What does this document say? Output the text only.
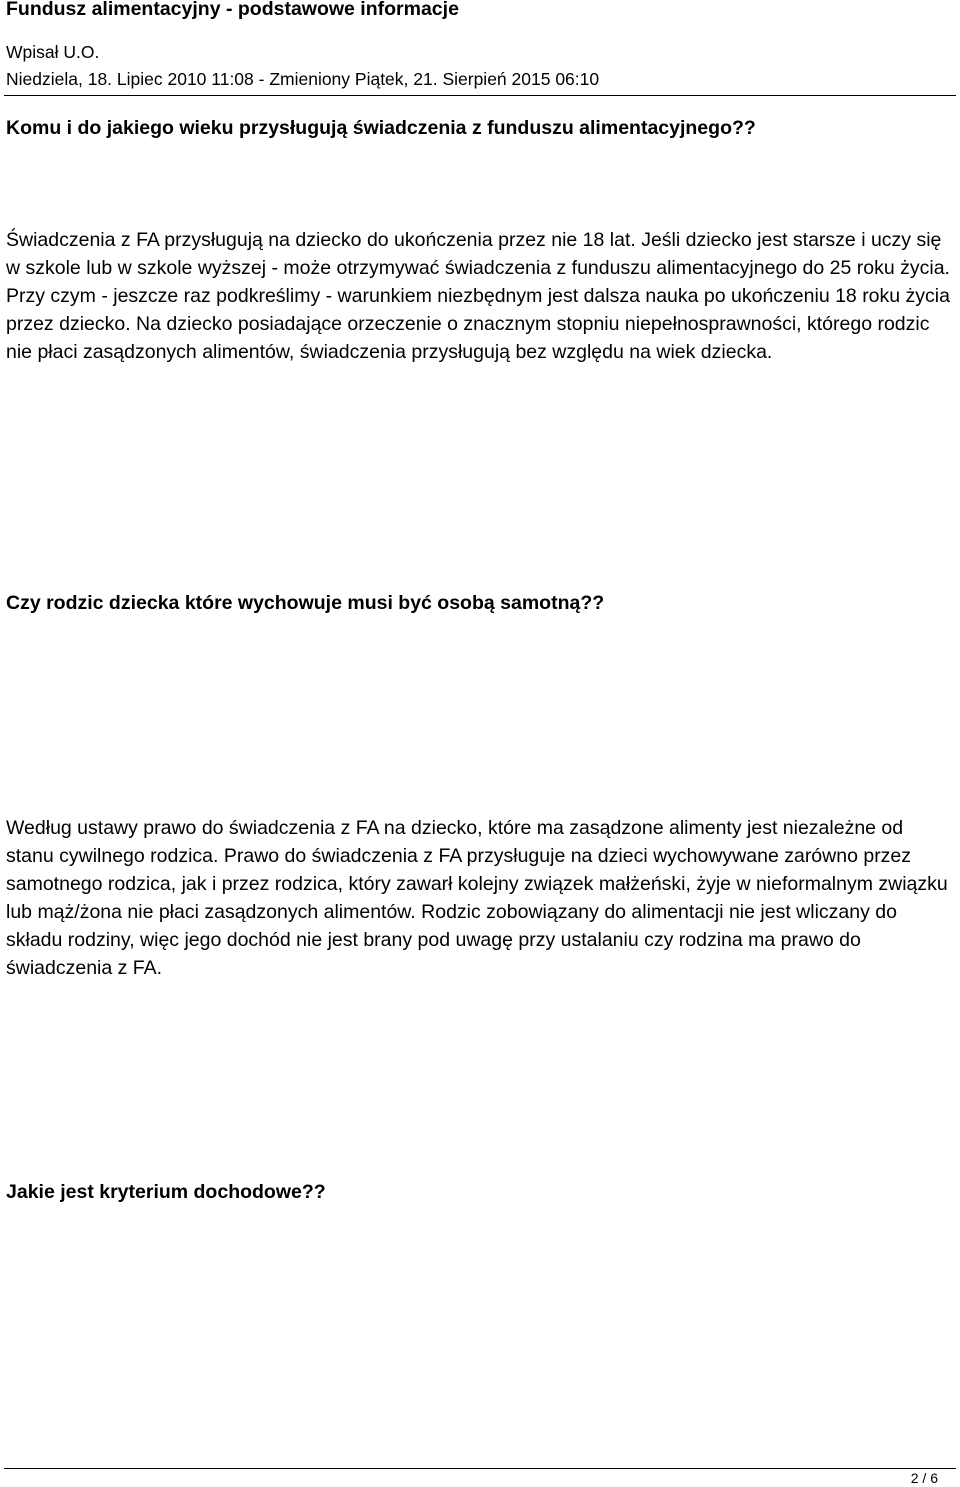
Fundusz alimentacyjny - podstawowe informacje
Wpisał U.O.
Niedziela, 18. Lipiec 2010 11:08 - Zmieniony Piątek, 21. Sierpień 2015 06:10
Komu i do jakiego wieku przysługują świadczenia z funduszu alimentacyjnego??
Świadczenia z FA przysługują na dziecko do ukończenia przez nie 18 lat. Jeśli dziecko jest starsze i uczy się w szkole lub w szkole wyższej - może otrzymywać świadczenia z funduszu alimentacyjnego do 25 roku życia. Przy czym - jeszcze raz podkreślimy - warunkiem niezbędnym jest dalsza nauka po ukończeniu 18 roku życia przez dziecko. Na dziecko posiadające orzeczenie o znacznym stopniu niepełnosprawności, którego rodzic nie płaci zasądzonych alimentów, świadczenia przysługują bez względu na wiek dziecka.
Czy rodzic dziecka które wychowuje musi być osobą samotną??
Według ustawy prawo do świadczenia z FA na dziecko, które ma zasądzone alimenty jest niezależne od stanu cywilnego rodzica. Prawo do świadczenia z FA przysługuje na dzieci wychowywane zarówno przez samotnego rodzica, jak i przez rodzica, który zawarł kolejny związek małżeński, żyje w nieformalnym związku lub mąż/żona nie płaci zasądzonych alimentów. Rodzic zobowiązany do alimentacji nie jest wliczany do składu rodziny, więc jego dochód nie jest brany pod uwagę przy ustalaniu czy rodzina ma prawo do świadczenia z FA.
Jakie jest kryterium dochodowe??
2 / 6
